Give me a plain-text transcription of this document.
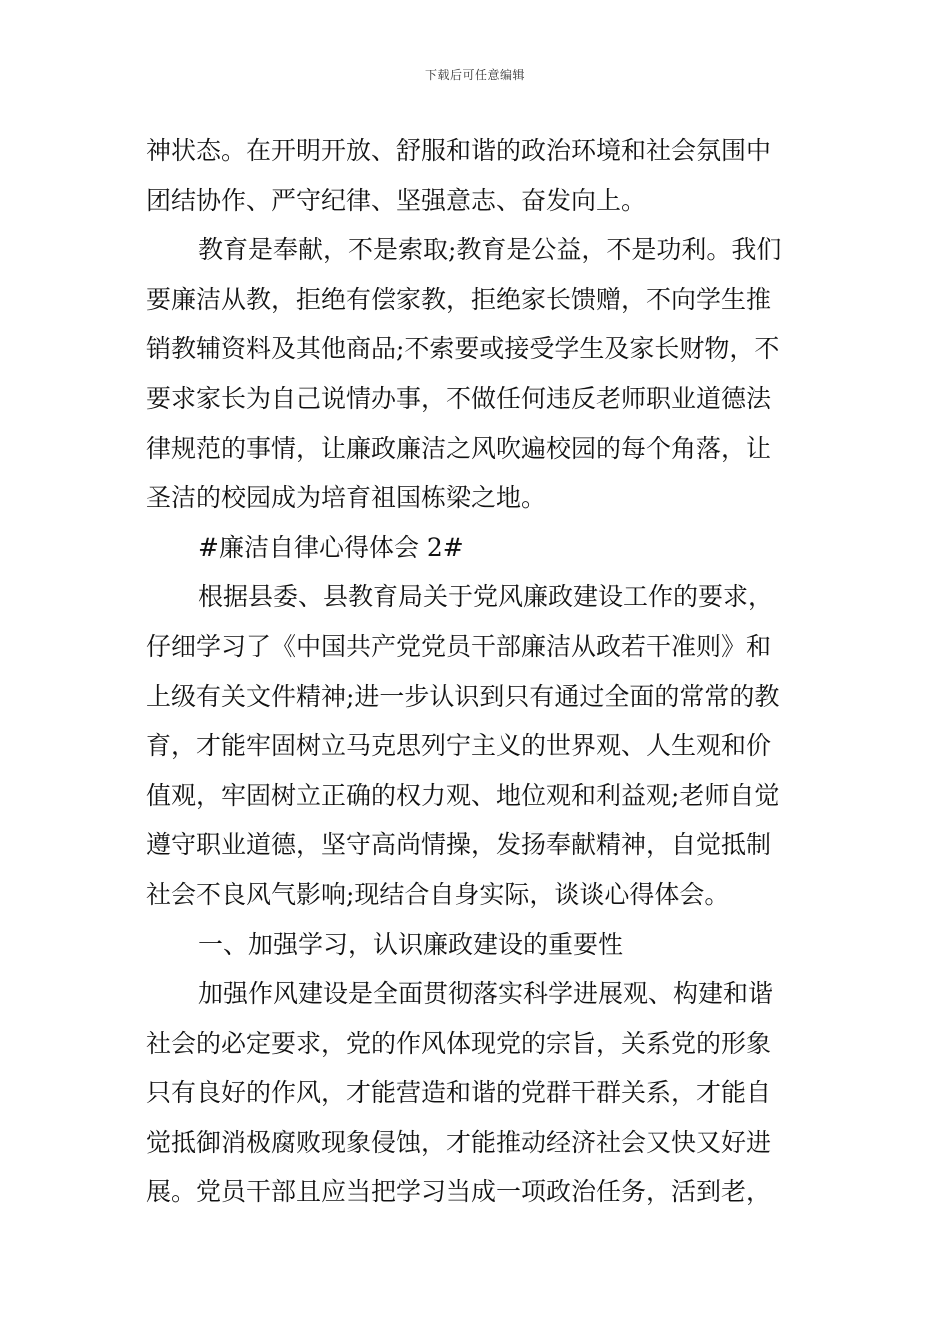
下载后可任意编辑
神状态。在开明开放、舒服和谐的政治环境和社会氛围中
团结协作、严守纪律、坚强意志、奋发向上。
教育是奉献，不是索取;教育是公益，不是功利。我们
要廉洁从教，拒绝有偿家教，拒绝家长馈赠，不向学生推
销教辅资料及其他商品;不索要或接受学生及家长财物，不
要求家长为自己说情办事，不做任何违反老师职业道德法
律规范的事情，让廉政廉洁之风吹遍校园的每个角落，让
圣洁的校园成为培育祖国栋梁之地。
#廉洁自律心得体会 2#
根据县委、县教育局关于党风廉政建设工作的要求，
仔细学习了《中国共产党党员干部廉洁从政若干准则》和
上级有关文件精神;进一步认识到只有通过全面的常常的教
育，才能牢固树立马克思列宁主义的世界观、人生观和价
值观，牢固树立正确的权力观、地位观和利益观;老师自觉
遵守职业道德，坚守高尚情操，发扬奉献精神，自觉抵制
社会不良风气影响;现结合自身实际，谈谈心得体会。
一、加强学习，认识廉政建设的重要性
加强作风建设是全面贯彻落实科学进展观、构建和谐
社会的必定要求，党的作风体现党的宗旨，关系党的形象
只有良好的作风，才能营造和谐的党群干群关系，才能自
觉抵御消极腐败现象侵蚀，才能推动经济社会又快又好进
展。党员干部且应当把学习当成一项政治任务，活到老，
